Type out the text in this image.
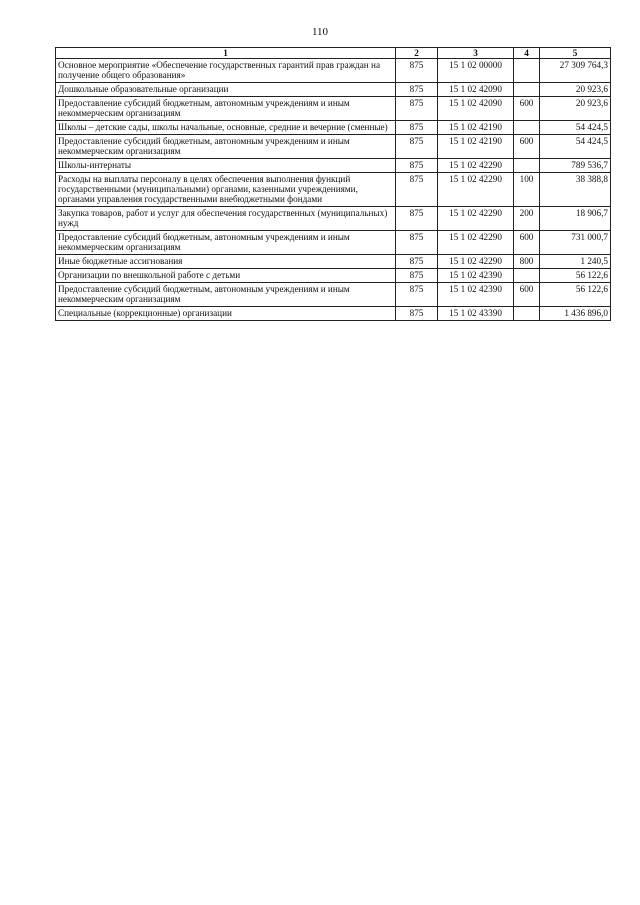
110
1	2	3	4	5
Основное мероприятие «Обеспечение государственных гарантий прав граждан на получение общего образования»	875	15 1 02 00000		27 309 764,3
Дошкольные образовательные организации	875	15 1 02 42090		20 923,6
Предоставление субсидий бюджетным, автономным учреждениям и иным некоммерческим организациям	875	15 1 02 42090	600	20 923,6
Школы – детские сады, школы начальные, основные, средние и вечерние (сменные)	875	15 1 02 42190		54 424,5
Предоставление субсидий бюджетным, автономным учреждениям и иным некоммерческим организациям	875	15 1 02 42190	600	54 424,5
Школы-интернаты	875	15 1 02 42290		789 536,7
Расходы на выплаты персоналу в целях обеспечения выполнения функций государственными (муниципальными) органами, казенными учреждениями, органами управления государственными внебюджетными фондами	875	15 1 02 42290	100	38 388,8
Закупка товаров, работ и услуг для обеспечения государственных (муниципальных) нужд	875	15 1 02 42290	200	18 906,7
Предоставление субсидий бюджетным, автономным учреждениям и иным некоммерческим организациям	875	15 1 02 42290	600	731 000,7
Иные бюджетные ассигнования	875	15 1 02 42290	800	1 240,5
Организации по внешкольной работе с детьми	875	15 1 02 42390		56 122,6
Предоставление субсидий бюджетным, автономным учреждениям и иным некоммерческим организациям	875	15 1 02 42390	600	56 122,6
Специальные (коррекционные) организации	875	15 1 02 43390		1 436 896,0
